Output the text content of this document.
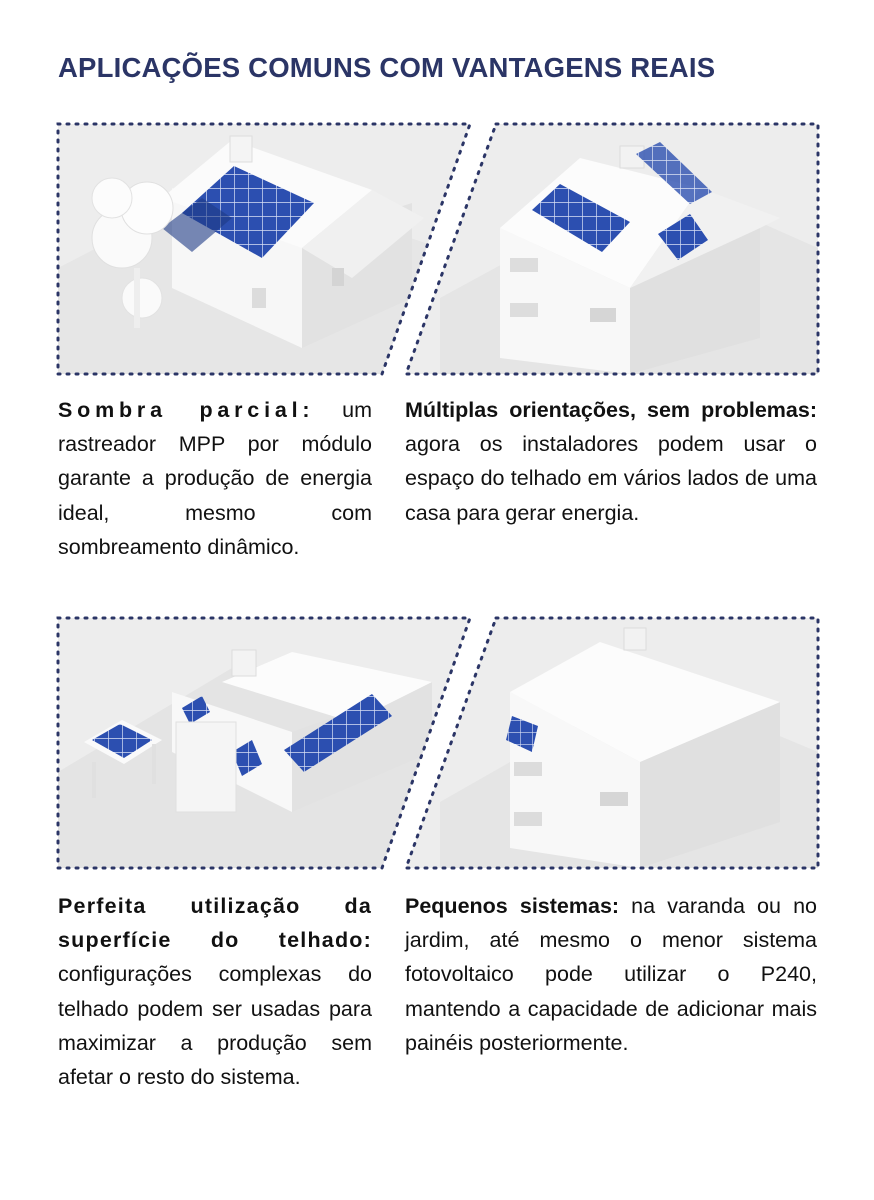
APLICAÇÕES COMUNS COM VANTAGENS REAIS
Sombra parcial: um rastreador MPP por módulo garante a produção de energia ideal, mesmo com sombreamento dinâmico.
Múltiplas orientações, sem problemas: agora os instaladores podem usar o espaço do telhado em vários lados de uma casa para gerar energia.
Perfeita utilização da superfície do telhado: configurações complexas do telhado podem ser usadas para maximizar a produção sem afetar o resto do sistema.
Pequenos sistemas: na varanda ou no jardim, até mesmo o menor sistema fotovoltaico pode utilizar o P240, mantendo a capacidade de adicionar mais painéis posteriormente.
